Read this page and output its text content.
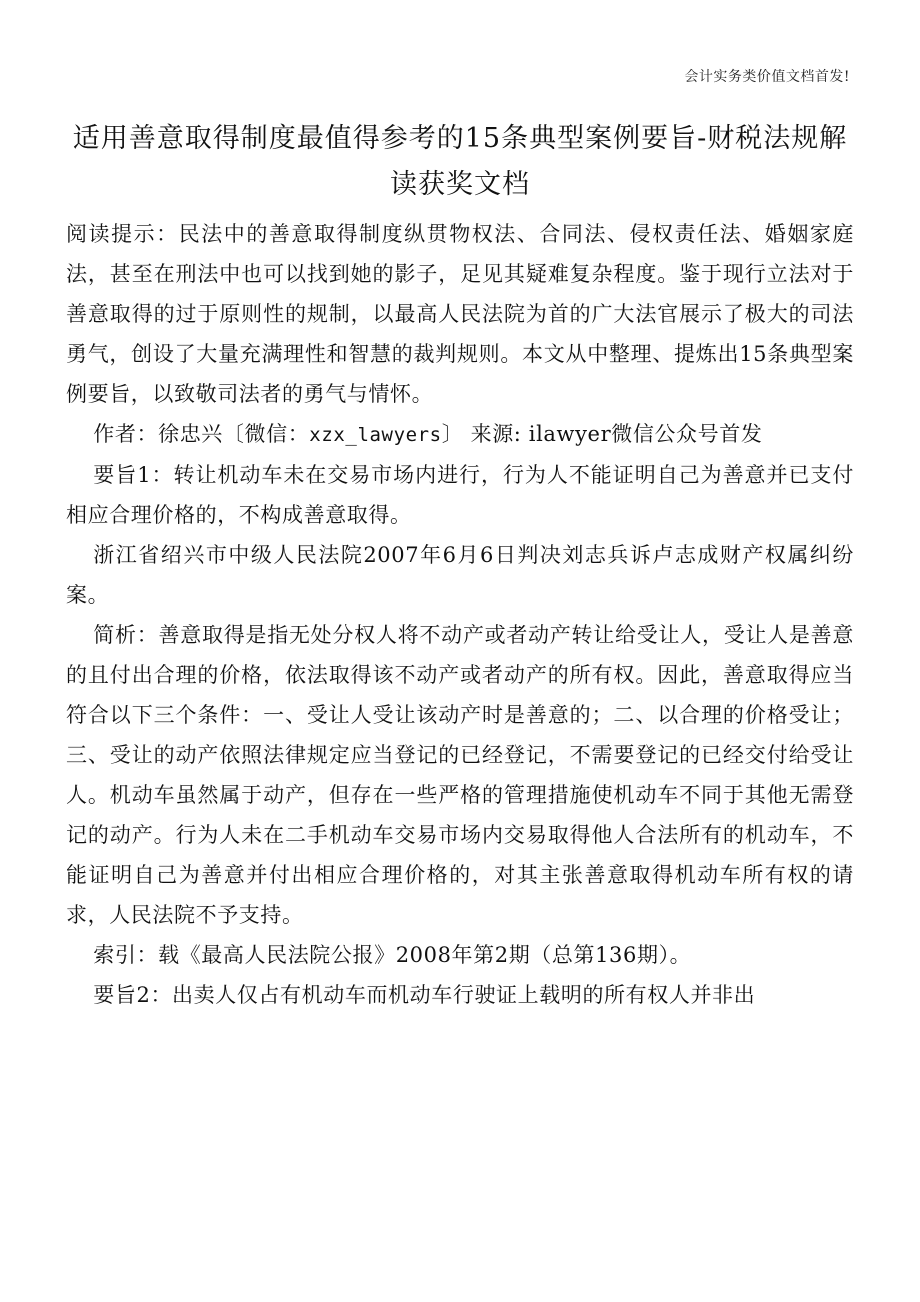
会计实务类价值文档首发!
适用善意取得制度最值得参考的15条典型案例要旨-财税法规解
读获奖文档

阅读提示：民法中的善意取得制度纵贯物权法、合同法、侵权责任法、婚姻家庭法，甚至在刑法中也可以找到她的影子，足见其疑难复杂程度。鉴于现行立法对于善意取得的过于原则性的规制，以最高人民法院为首的广大法官展示了极大的司法勇气，创设了大量充满理性和智慧的裁判规则。本文从中整理、提炼出15条典型案例要旨，以致敬司法者的勇气与情怀。

作者：徐忠兴〔微信：xzx_lawyers〕 来源: ilawyer微信公众号首发

要旨1：转让机动车未在交易市场内进行，行为人不能证明自己为善意并已支付相应合理价格的，不构成善意取得。

浙江省绍兴市中级人民法院2007年6月6日判决刘志兵诉卢志成财产权属纠纷案。

简析：善意取得是指无处分权人将不动产或者动产转让给受让人，受让人是善意的且付出合理的价格，依法取得该不动产或者动产的所有权。因此，善意取得应当符合以下三个条件：一、受让人受让该动产时是善意的；二、以合理的价格受让；三、受让的动产依照法律规定应当登记的已经登记，不需要登记的已经交付给受让人。机动车虽然属于动产，但存在一些严格的管理措施使机动车不同于其他无需登记的动产。行为人未在二手机动车交易市场内交易取得他人合法所有的机动车，不能证明自己为善意并付出相应合理价格的，对其主张善意取得机动车所有权的请求，人民法院不予支持。

索引：载《最高人民法院公报》2008年第2期（总第136期）。

要旨2：出卖人仅占有机动车而机动车行驶证上载明的所有权人并非出
